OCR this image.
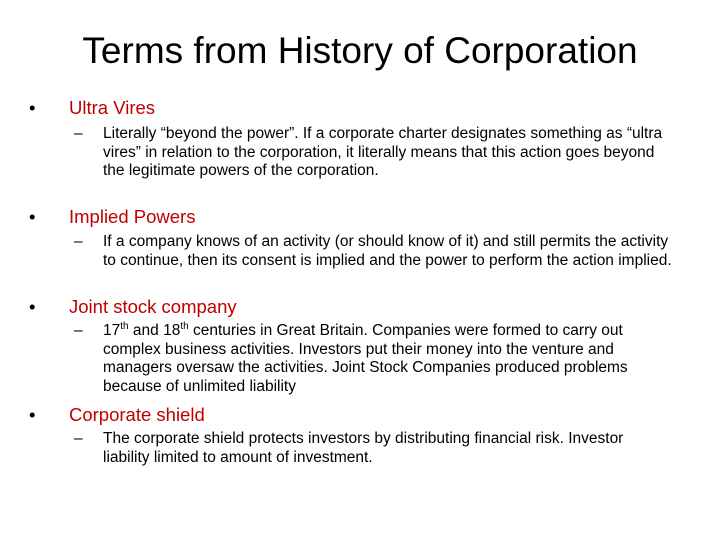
Terms from History of Corporation
•	Ultra Vires
– Literally “beyond the power”. If a corporate charter designates something as “ultra vires” in relation to the corporation, it literally means that this action goes beyond the legitimate powers of the corporation.
•	Implied Powers
– If a company knows of an activity (or should know of it) and still permits the activity to continue, then its consent is implied and the power to perform the action implied.
•	Joint stock company
– 17th and 18th centuries in Great Britain. Companies were formed to carry out complex business activities. Investors put their money into the venture and managers oversaw the activities. Joint Stock Companies produced problems because of unlimited liability
•	Corporate shield
– The corporate shield protects investors by distributing financial risk. Investor liability limited to amount of investment.
